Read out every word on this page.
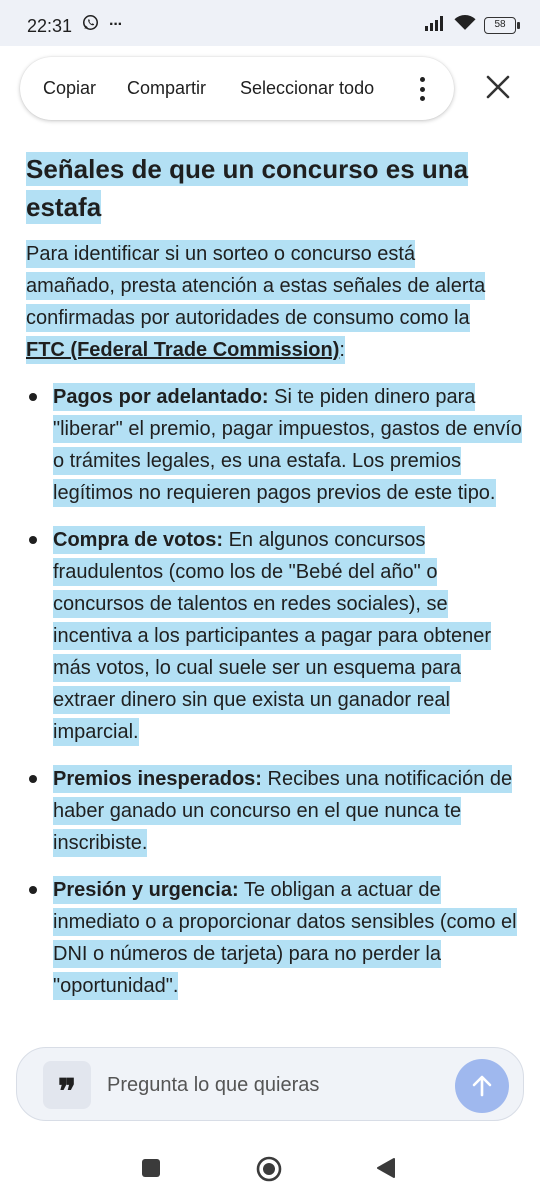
22:31 ···	58
Copiar Compartir Seleccionar todo
Señales de que un concurso es una estafa

Para identificar si un sorteo o concurso está amañado, presta atención a estas señales de alerta confirmadas por autoridades de consumo como la FTC (Federal Trade Commission):

Pagos por adelantado: Si te piden dinero para "liberar" el premio, pagar impuestos, gastos de envío o trámites legales, es una estafa. Los premios legítimos no requieren pagos previos de este tipo.
Compra de votos: En algunos concursos fraudulentos (como los de "Bebé del año" o concursos de talentos en redes sociales), se incentiva a los participantes a pagar para obtener más votos, lo cual suele ser un esquema para extraer dinero sin que exista un ganador real imparcial.
Premios inesperados: Recibes una notificación de haber ganado un concurso en el que nunca te inscribiste.
Presión y urgencia: Te obligan a actuar de inmediato o a proporcionar datos sensibles (como el DNI o números de tarjeta) para no perder la "oportunidad".
❞
Pregunta lo que quieras
